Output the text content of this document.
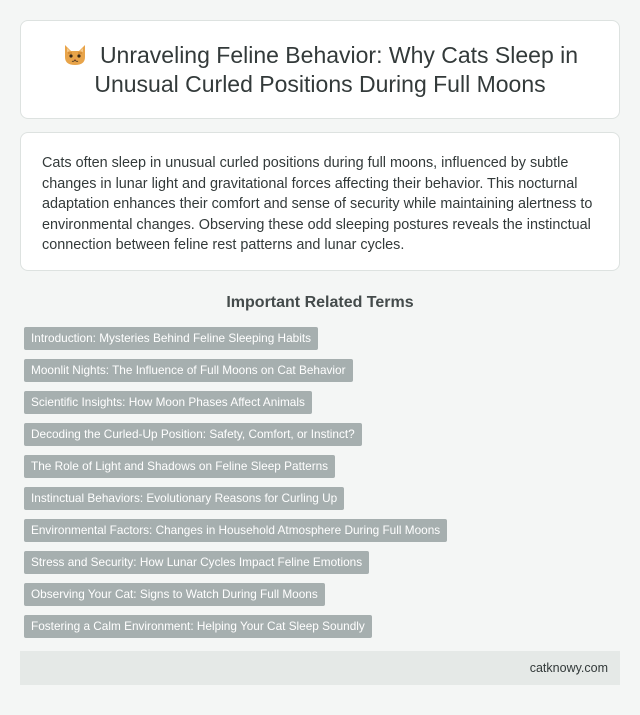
Unraveling Feline Behavior: Why Cats Sleep in Unusual Curled Positions During Full Moons

Cats often sleep in unusual curled positions during full moons, influenced by subtle changes in lunar light and gravitational forces affecting their behavior. This nocturnal adaptation enhances their comfort and sense of security while maintaining alertness to environmental changes. Observing these odd sleeping postures reveals the instinctual connection between feline rest patterns and lunar cycles.

Important Related Terms
Introduction: Mysteries Behind Feline Sleeping Habits
Moonlit Nights: The Influence of Full Moons on Cat Behavior
Scientific Insights: How Moon Phases Affect Animals
Decoding the Curled-Up Position: Safety, Comfort, or Instinct?
The Role of Light and Shadows on Feline Sleep Patterns
Instinctual Behaviors: Evolutionary Reasons for Curling Up
Environmental Factors: Changes in Household Atmosphere During Full Moons
Stress and Security: How Lunar Cycles Impact Feline Emotions
Observing Your Cat: Signs to Watch During Full Moons
Fostering a Calm Environment: Helping Your Cat Sleep Soundly
catknowy.com
